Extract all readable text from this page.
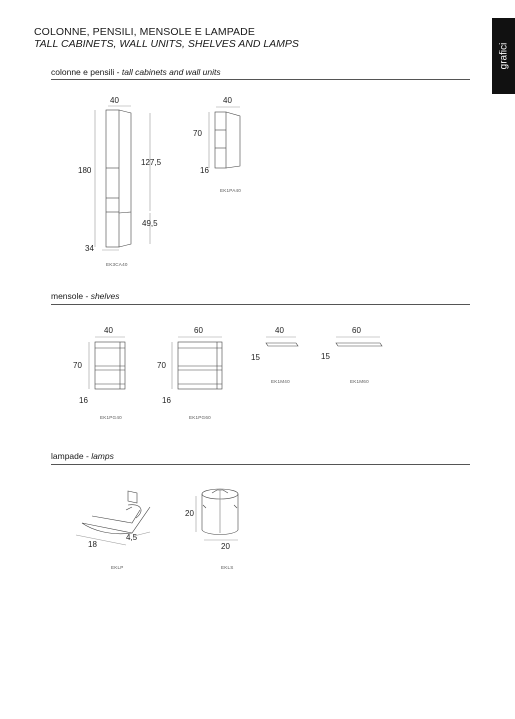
COLONNE, PENSILI, MENSOLE E LAMPADE
TALL CABINETS, WALL UNITS, SHELVES AND LAMPS	grafici
colonne e pensili - tall cabinets and wall units
mensole - shelves
lampade - lamps
40
180
127,5
49,5
34
EK3CA40
40
70
16
EK1PA40
40
70
16
EK1PG40
60
70
16
EK1PG60
40
15
EK1M40
60
15
EK1M60
18
4,5
EKLP
20
20
EKLS
